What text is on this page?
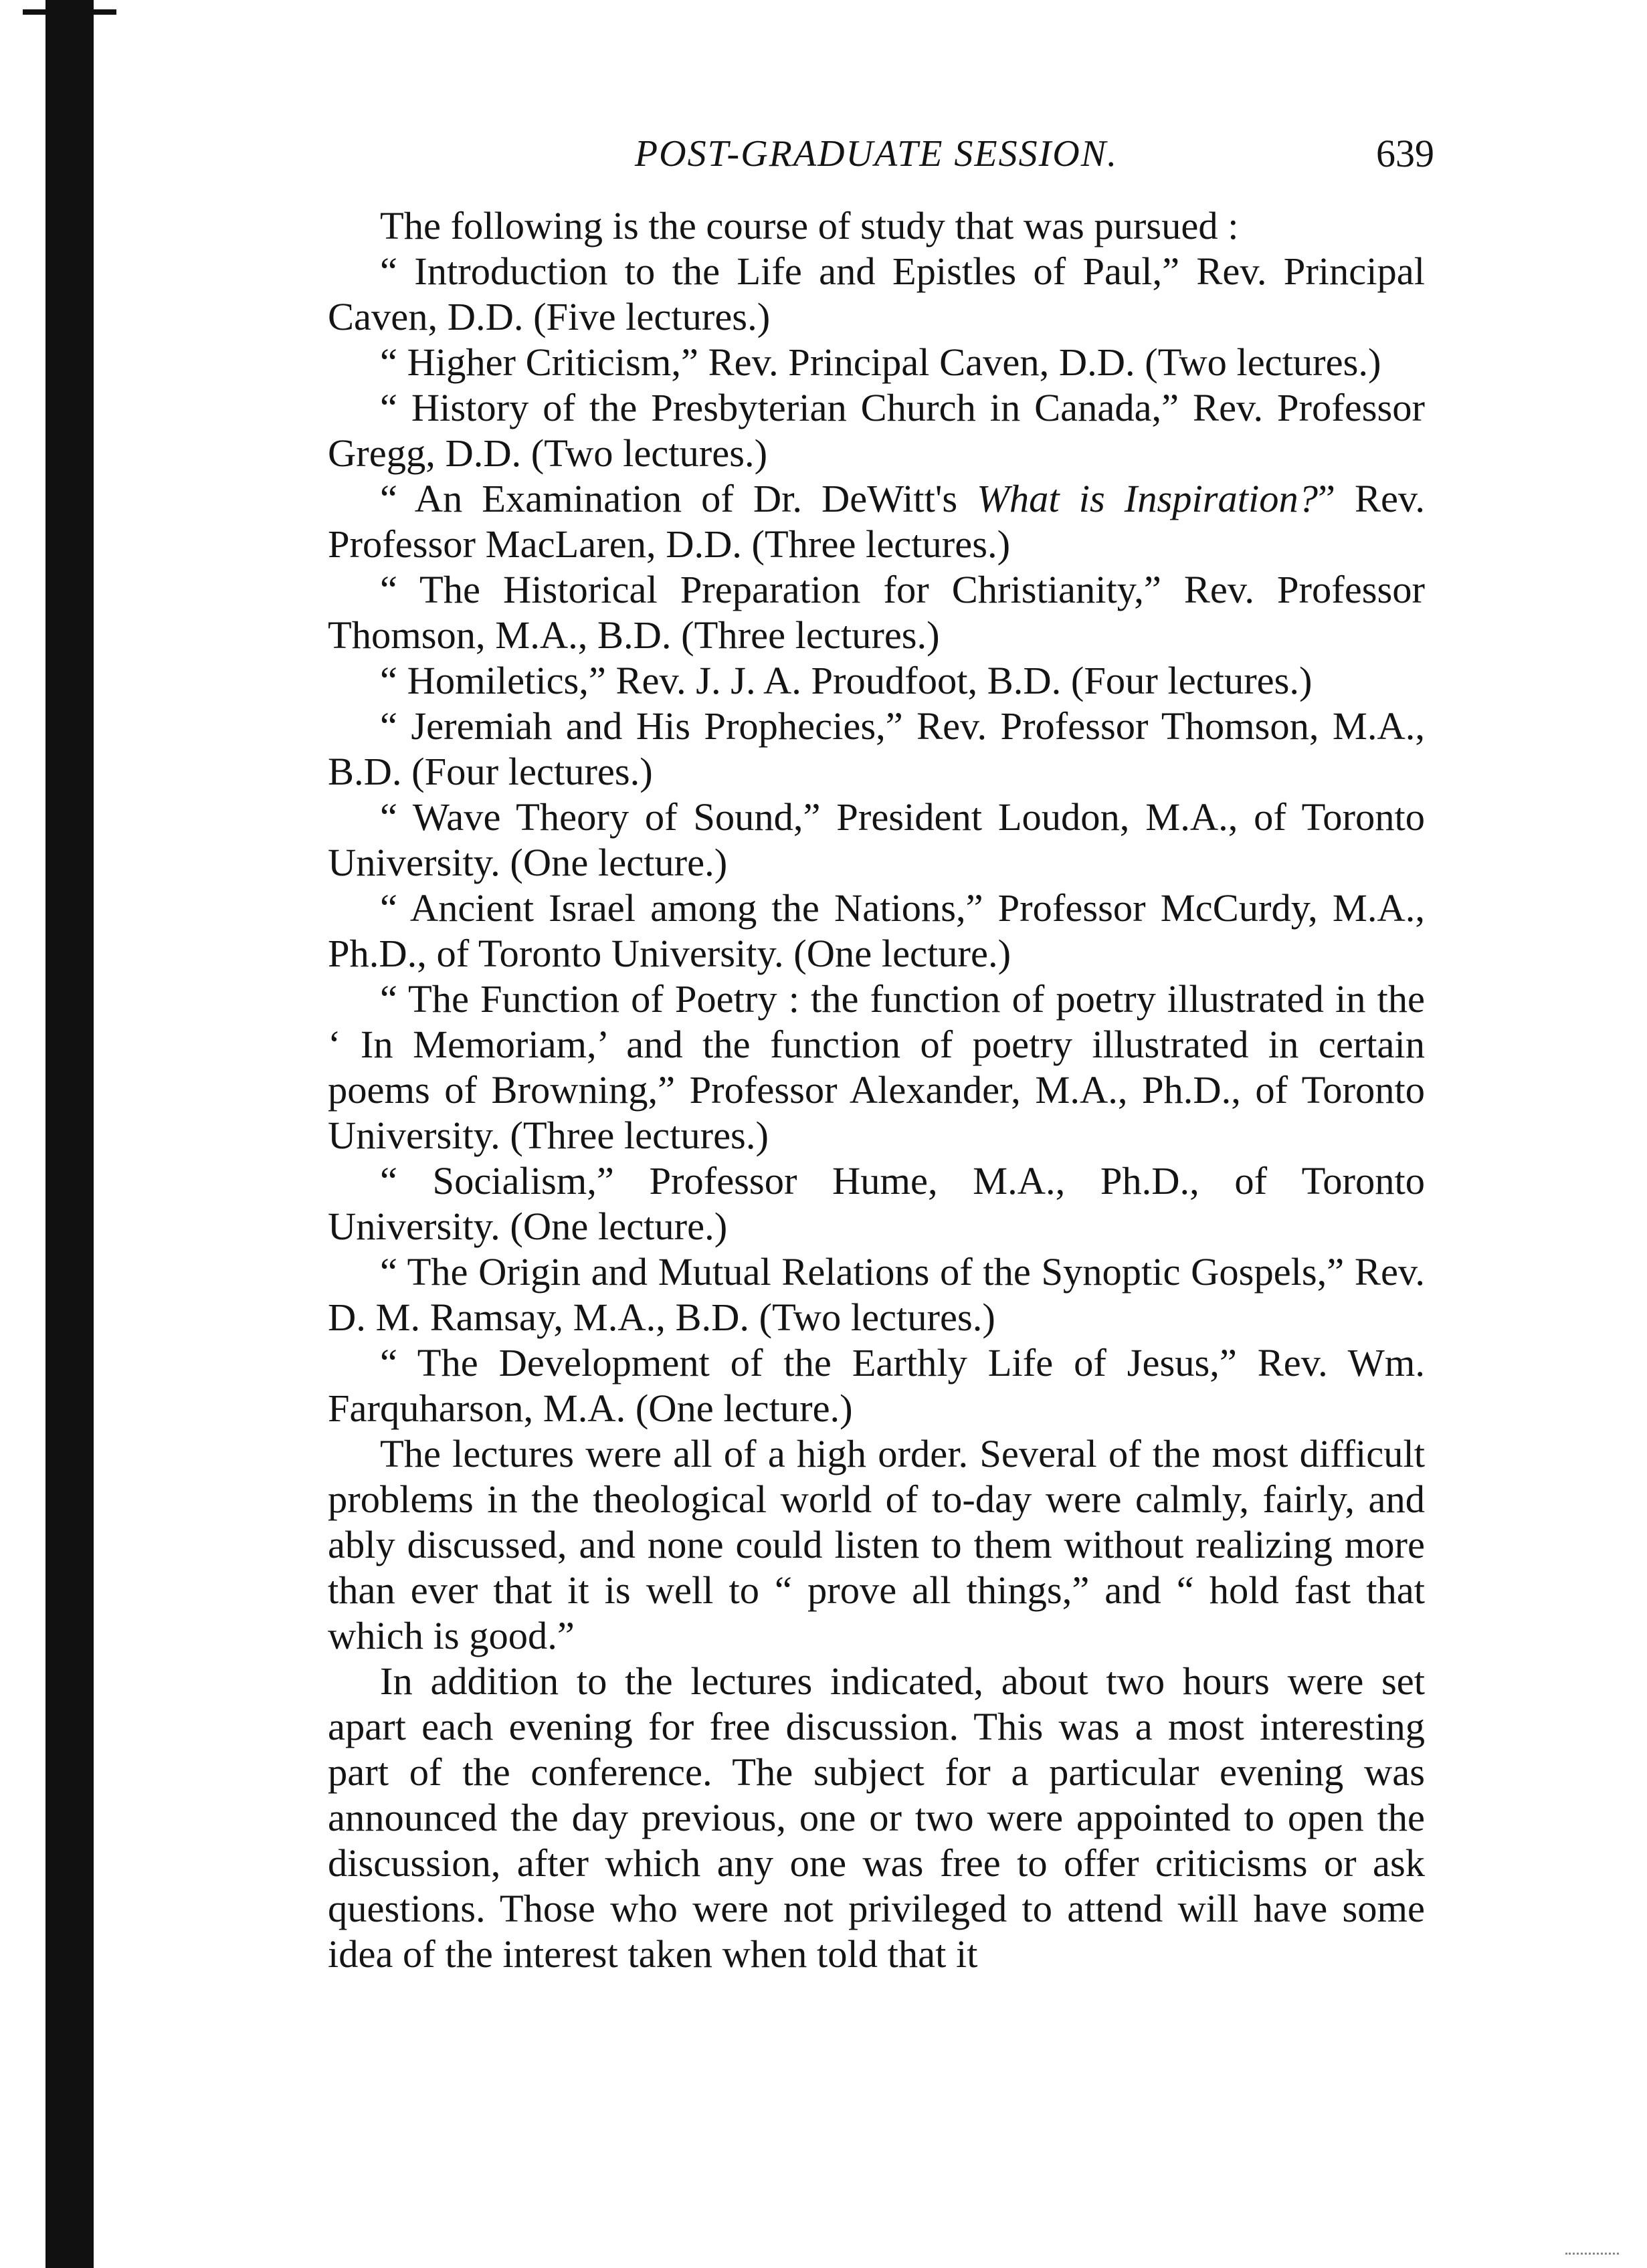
POST-GRADUATE SESSION.	639

The following is the course of study that was pursued :

“ Introduction to the Life and Epistles of Paul,” Rev. Principal Caven, D.D. (Five lectures.)

“ Higher Criticism,” Rev. Principal Caven, D.D. (Two lectures.)

“ History of the Presbyterian Church in Canada,” Rev. Professor Gregg, D.D. (Two lectures.)

“ An Examination of Dr. DeWitt's What is Inspiration?” Rev. Professor MacLaren, D.D. (Three lectures.)

“ The Historical Preparation for Christianity,” Rev. Professor Thomson, M.A., B.D. (Three lectures.)

“ Homiletics,” Rev. J. J. A. Proudfoot, B.D. (Four lectures.)

“ Jeremiah and His Prophecies,” Rev. Professor Thomson, M.A., B.D. (Four lectures.)

“ Wave Theory of Sound,” President Loudon, M.A., of Toronto University. (One lecture.)

“ Ancient Israel among the Nations,” Professor McCurdy, M.A., Ph.D., of Toronto University. (One lecture.)

“ The Function of Poetry : the function of poetry illustrated in the ‘ In Memoriam,’ and the function of poetry illustrated in certain poems of Browning,” Professor Alexander, M.A., Ph.D., of Toronto University. (Three lectures.)

“ Socialism,” Professor Hume, M.A., Ph.D., of Toronto University. (One lecture.)

“ The Origin and Mutual Relations of the Synoptic Gospels,” Rev. D. M. Ramsay, M.A., B.D. (Two lectures.)

“ The Development of the Earthly Life of Jesus,” Rev. Wm. Farquharson, M.A. (One lecture.)

The lectures were all of a high order. Several of the most difficult problems in the theological world of to-day were calmly, fairly, and ably discussed, and none could listen to them without realizing more than ever that it is well to “ prove all things,” and “ hold fast that which is good.”

In addition to the lectures indicated, about two hours were set apart each evening for free discussion. This was a most interesting part of the conference. The subject for a particular evening was announced the day previous, one or two were appointed to open the discussion, after which any one was free to offer criticisms or ask questions. Those who were not privileged to attend will have some idea of the interest taken when told that it
